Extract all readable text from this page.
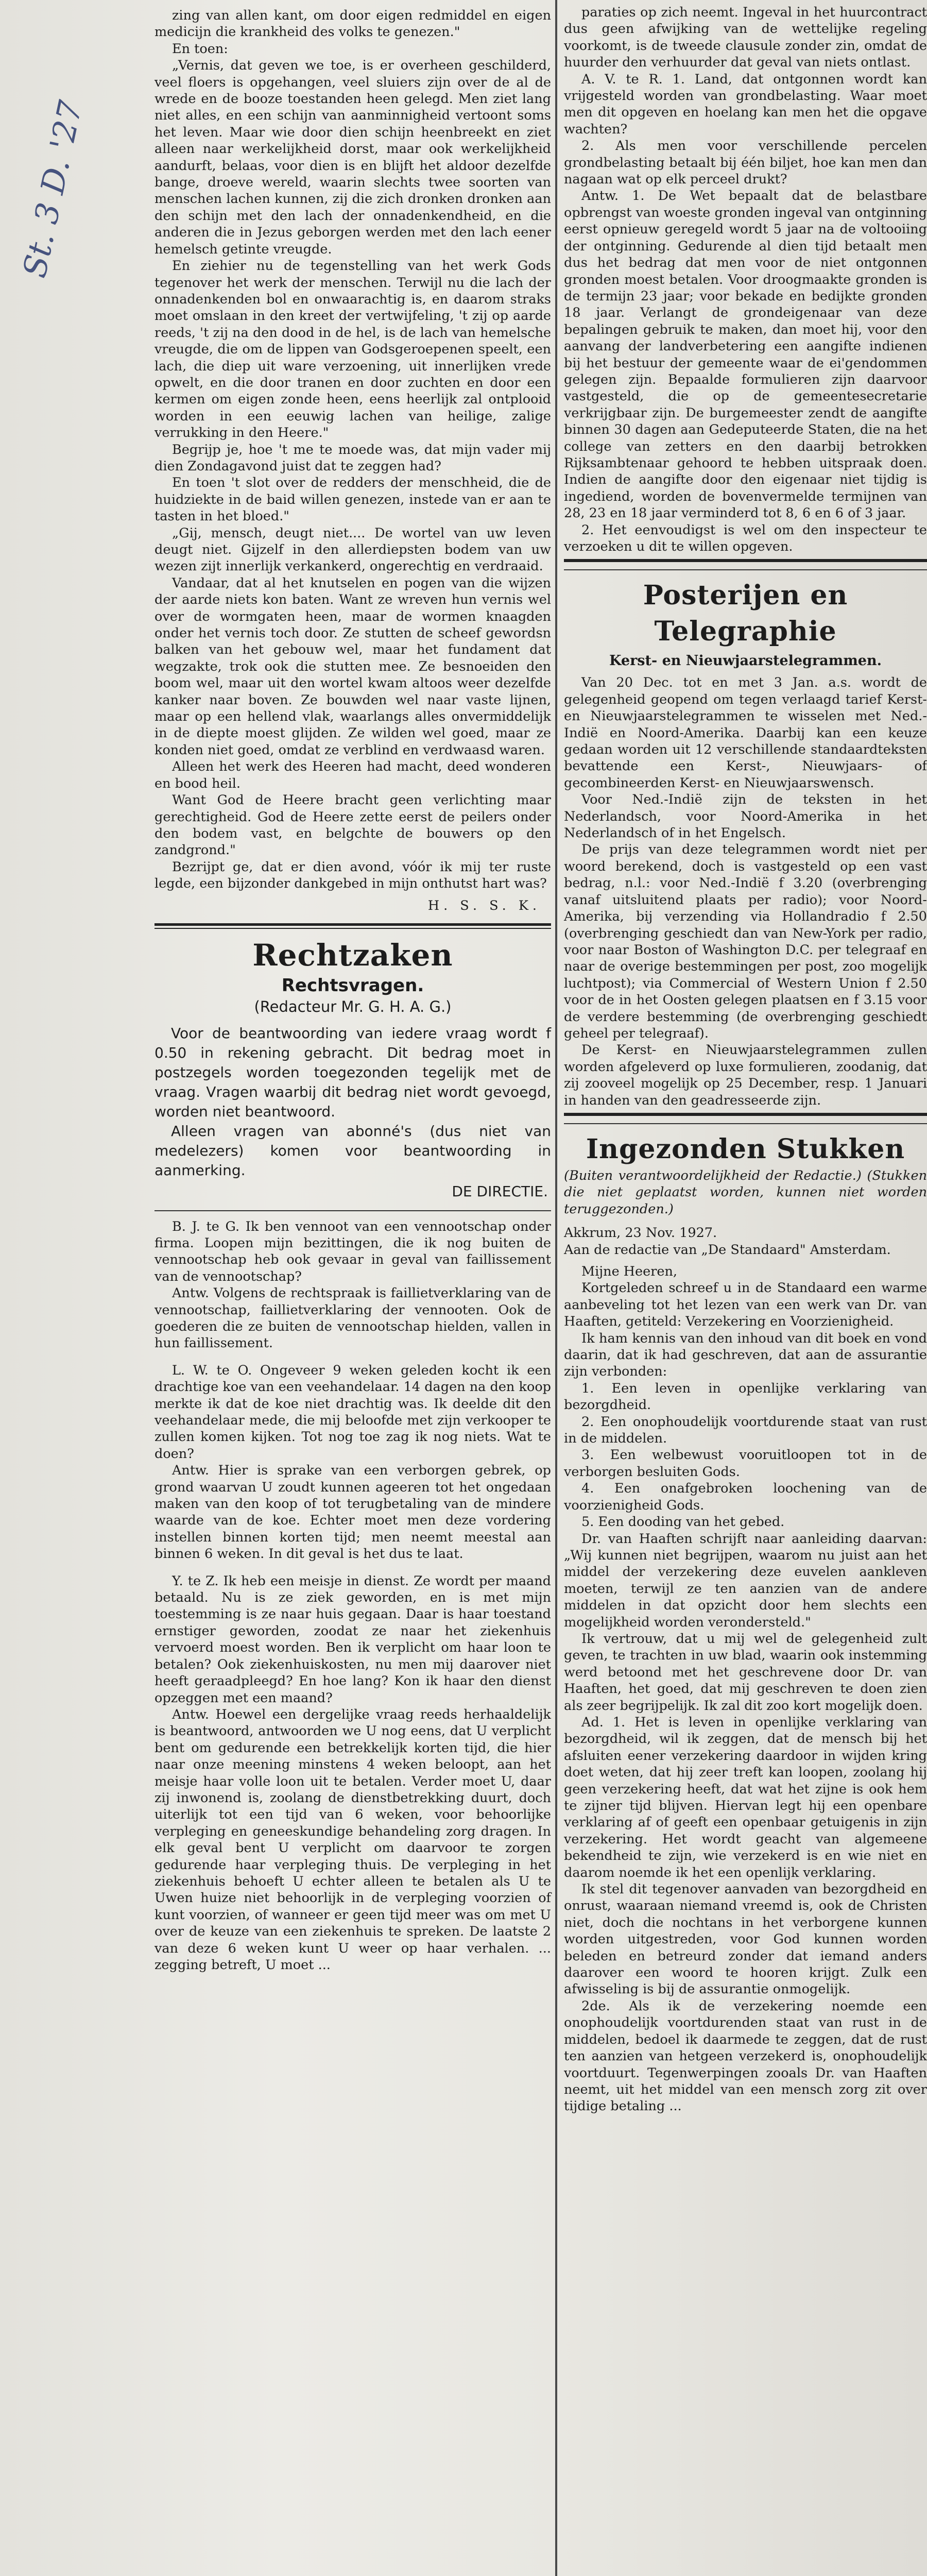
St. 3 D. '27

zing van allen kant, om door eigen redmiddel en eigen medicijn die krankheid des volks te genezen."

En toen:

„Vernis, dat geven we toe, is er overheen geschilderd, veel floers is opgehangen, veel sluiers zijn over de al de wrede en de booze toestanden heen gelegd. Men ziet lang niet alles, en een schijn van aanminnigheid vertoont soms het leven. Maar wie door dien schijn heenbreekt en ziet alleen naar werkelijkheid dorst, maar ook werkelijkheid aandurft, belaas, voor dien is en blijft het aldoor dezelfde bange, droeve wereld, waarin slechts twee soorten van menschen lachen kunnen, zij die zich dronken dronken aan den schijn met den lach der onnadenkendheid, en die anderen die in Jezus geborgen werden met den lach eener hemelsch getinte vreugde.

En ziehier nu de tegenstelling van het werk Gods tegenover het werk der menschen. Terwijl nu die lach der onnadenkenden bol en onwaarachtig is, en daarom straks moet omslaan in den kreet der vertwijfeling, 't zij op aarde reeds, 't zij na den dood in de hel, is de lach van hemelsche vreugde, die om de lippen van Godsgeroepenen speelt, een lach, die diep uit ware verzoening, uit innerlijken vrede opwelt, en die door tranen en door zuchten en door een kermen om eigen zonde heen, eens heerlijk zal ontplooid worden in een eeuwig lachen van heilige, zalige verrukking in den Heere."

Begrijp je, hoe 't me te moede was, dat mijn vader mij dien Zondagavond juist dat te zeggen had?

En toen 't slot over de redders der menschheid, die de huidziekte in de baid willen genezen, instede van er aan te tasten in het bloed."

„Gij, mensch, deugt niet.... De wortel van uw leven deugt niet. Gijzelf in den allerdiepsten bodem van uw wezen zijt innerlijk verkankerd, ongerechtig en verdraaid.

Vandaar, dat al het knutselen en pogen van die wijzen der aarde niets kon baten. Want ze wreven hun vernis wel over de wormgaten heen, maar de wormen knaagden onder het vernis toch door. Ze stutten de scheef gewordsn balken van het gebouw wel, maar het fundament dat wegzakte, trok ook die stutten mee. Ze besnoeiden den boom wel, maar uit den wortel kwam altoos weer dezelfde kanker naar boven. Ze bouwden wel naar vaste lijnen, maar op een hellend vlak, waarlangs alles onvermiddelijk in de diepte moest glijden. Ze wilden wel goed, maar ze konden niet goed, omdat ze verblind en verdwaasd waren.

Alleen het werk des Heeren had macht, deed wonderen en bood heil.

Want God de Heere bracht geen verlichting maar gerechtigheid. God de Heere zette eerst de peilers onder den bodem vast, en belgchte de bouwers op den zandgrond."

Bezrijpt ge, dat er dien avond, vóór ik mij ter ruste legde, een bijzonder dankgebed in mijn onthutst hart was?

H. S. S. K.

Rechtzaken

Rechtsvragen.

(Redacteur Mr. G. H. A. G.)

Voor de beantwoording van iedere vraag wordt f 0.50 in rekening gebracht. Dit bedrag moet in postzegels worden toegezonden tegelijk met de vraag. Vragen waarbij dit bedrag niet wordt gevoegd, worden niet beantwoord.

Alleen vragen van abonné's (dus niet van medelezers) komen voor beantwoording in aanmerking.

DE DIRECTIE.

B. J. te G. Ik ben vennoot van een vennootschap onder firma. Loopen mijn bezittingen, die ik nog buiten de vennootschap heb ook gevaar in geval van faillissement van de vennootschap?

Antw. Volgens de rechtspraak is faillietverklaring van de vennootschap, faillietverklaring der vennooten. Ook de goederen die ze buiten de vennootschap hielden, vallen in hun faillissement.

L. W. te O. Ongeveer 9 weken geleden kocht ik een drachtige koe van een veehandelaar. 14 dagen na den koop merkte ik dat de koe niet drachtig was. Ik deelde dit den veehandelaar mede, die mij beloofde met zijn verkooper te zullen komen kijken. Tot nog toe zag ik nog niets. Wat te doen?

Antw. Hier is sprake van een verborgen gebrek, op grond waarvan U zoudt kunnen ageeren tot het ongedaan maken van den koop of tot terugbetaling van de mindere waarde van de koe. Echter moet men deze vordering instellen binnen korten tijd; men neemt meestal aan binnen 6 weken. In dit geval is het dus te laat.

Y. te Z. Ik heb een meisje in dienst. Ze wordt per maand betaald. Nu is ze ziek geworden, en is met mijn toestemming is ze naar huis gegaan. Daar is haar toestand ernstiger geworden, zoodat ze naar het ziekenhuis vervoerd moest worden. Ben ik verplicht om haar loon te betalen? Ook ziekenhuiskosten, nu men mij daarover niet heeft geraadpleegd? En hoe lang? Kon ik haar den dienst opzeggen met een maand?

Antw. Hoewel een dergelijke vraag reeds herhaaldelijk is beantwoord, antwoorden we U nog eens, dat U verplicht bent om gedurende een betrekkelijk korten tijd, die hier naar onze meening minstens 4 weken beloopt, aan het meisje haar volle loon uit te betalen. Verder moet U, daar zij inwonend is, zoolang de dienstbetrekking duurt, doch uiterlijk tot een tijd van 6 weken, voor behoorlijke verpleging en geneeskundige behandeling zorg dragen. In elk geval bent U verplicht om daarvoor te zorgen gedurende haar verpleging thuis. De verpleging in het ziekenhuis behoeft U echter alleen te betalen als U te Uwen huize niet behoorlijk in de verpleging voorzien of kunt voorzien, of wanneer er geen tijd meer was om met U over de keuze van een ziekenhuis te spreken. De laatste 2 van deze 6 weken kunt U weer op haar verhalen. ... zegging betreft, U moet ...

paraties op zich neemt. Ingeval in het huurcontract dus geen afwijking van de wettelijke regeling voorkomt, is de tweede clausule zonder zin, omdat de huurder den verhuurder dat geval van niets ontlast.

A. V. te R. 1. Land, dat ontgonnen wordt kan vrijgesteld worden van grondbelasting. Waar moet men dit opgeven en hoelang kan men het die opgave wachten?

2. Als men voor verschillende percelen grondbelasting betaalt bij één biljet, hoe kan men dan nagaan wat op elk perceel drukt?

Antw. 1. De Wet bepaalt dat de belastbare opbrengst van woeste gronden ingeval van ontginning eerst opnieuw geregeld wordt 5 jaar na de voltooiing der ontginning. Gedurende al dien tijd betaalt men dus het bedrag dat men voor de niet ontgonnen gronden moest betalen. Voor droogmaakte gronden is de termijn 23 jaar; voor bekade en bedijkte gronden 18 jaar. Verlangt de grondeigenaar van deze bepalingen gebruik te maken, dan moet hij, voor den aanvang der landverbetering een aangifte indienen bij het bestuur der gemeente waar de ei'gendommen gelegen zijn. Bepaalde formulieren zijn daarvoor vastgesteld, die op de gemeentesecretarie verkrijgbaar zijn. De burgemeester zendt de aangifte binnen 30 dagen aan Gedeputeerde Staten, die na het college van zetters en den daarbij betrokken Rijksambtenaar gehoord te hebben uitspraak doen. Indien de aangifte door den eigenaar niet tijdig is ingediend, worden de bovenvermelde termijnen van 28, 23 en 18 jaar verminderd tot 8, 6 en 6 of 3 jaar.

2. Het eenvoudigst is wel om den inspecteur te verzoeken u dit te willen opgeven.

Posterijen en Telegraphie

Kerst- en Nieuwjaarstelegrammen.

Van 20 Dec. tot en met 3 Jan. a.s. wordt de gelegenheid geopend om tegen verlaagd tarief Kerst- en Nieuwjaarstelegrammen te wisselen met Ned.-Indië en Noord-Amerika. Daarbij kan een keuze gedaan worden uit 12 verschillende standaardteksten bevattende een Kerst-, Nieuwjaars- of gecombineerden Kerst- en Nieuwjaarswensch.

Voor Ned.-Indië zijn de teksten in het Nederlandsch, voor Noord-Amerika in het Nederlandsch of in het Engelsch.

De prijs van deze telegrammen wordt niet per woord berekend, doch is vastgesteld op een vast bedrag, n.l.: voor Ned.-Indië f 3.20 (overbrenging vanaf uitsluitend plaats per radio); voor Noord-Amerika, bij verzending via Hollandradio f 2.50 (overbrenging geschiedt dan van New-York per radio, voor naar Boston of Washington D.C. per telegraaf en naar de overige bestemmingen per post, zoo mogelijk luchtpost); via Commercial of Western Union f 2.50 voor de in het Oosten gelegen plaatsen en f 3.15 voor de verdere bestemming (de overbrenging geschiedt geheel per telegraaf).

De Kerst- en Nieuwjaarstelegrammen zullen worden afgeleverd op luxe formulieren, zoodanig, dat zij zooveel mogelijk op 25 December, resp. 1 Januari in handen van den geadresseerde zijn.

Ingezonden Stukken

(Buiten verantwoordelijkheid der Redactie.) (Stukken die niet geplaatst worden, kunnen niet worden teruggezonden.)

Akkrum, 23 Nov. 1927.

Aan de redactie van „De Standaard" Amsterdam.

Mijne Heeren,

Kortgeleden schreef u in de Standaard een warme aanbeveling tot het lezen van een werk van Dr. van Haaften, getiteld: Verzekering en Voorzienigheid.

Ik ham kennis van den inhoud van dit boek en vond daarin, dat ik had geschreven, dat aan de assurantie zijn verbonden:

1. Een leven in openlijke verklaring van bezorgdheid.

2. Een onophoudelijk voortdurende staat van rust in de middelen.

3. Een welbewust vooruitloopen tot in de verborgen besluiten Gods.

4. Een onafgebroken loochening van de voorzienigheid Gods.

5. Een dooding van het gebed.

Dr. van Haaften schrijft naar aanleiding daarvan: „Wij kunnen niet begrijpen, waarom nu juist aan het middel der verzekering deze euvelen aankleven moeten, terwijl ze ten aanzien van de andere middelen in dat opzicht door hem slechts een mogelijkheid worden verondersteld."

Ik vertrouw, dat u mij wel de gelegenheid zult geven, te trachten in uw blad, waarin ook instemming werd betoond met het geschrevene door Dr. van Haaften, het goed, dat mij geschreven te doen zien als zeer begrijpelijk. Ik zal dit zoo kort mogelijk doen.

Ad. 1. Het is leven in openlijke verklaring van bezorgdheid, wil ik zeggen, dat de mensch bij het afsluiten eener verzekering daardoor in wijden kring doet weten, dat hij zeer treft kan loopen, zoolang hij geen verzekering heeft, dat wat het zijne is ook hem te zijner tijd blijven. Hiervan legt hij een openbare verklaring af of geeft een openbaar getuigenis in zijn verzekering. Het wordt geacht van algemeene bekendheid te zijn, wie verzekerd is en wie niet en daarom noemde ik het een openlijk verklaring.

Ik stel dit tegenover aanvaden van bezorgdheid en onrust, waaraan niemand vreemd is, ook de Christen niet, doch die nochtans in het verborgene kunnen worden uitgestreden, voor God kunnen worden beleden en betreurd zonder dat iemand anders daarover een woord te hooren krijgt. Zulk een afwisseling is bij de assurantie onmogelijk.

2de. Als ik de verzekering noemde een onophoudelijk voortdurenden staat van rust in de middelen, bedoel ik daarmede te zeggen, dat de rust ten aanzien van hetgeen verzekerd is, onophoudelijk voortduurt. Tegenwerpingen zooals Dr. van Haaften neemt, uit het middel van een mensch zorg zit over tijdige betaling ...
